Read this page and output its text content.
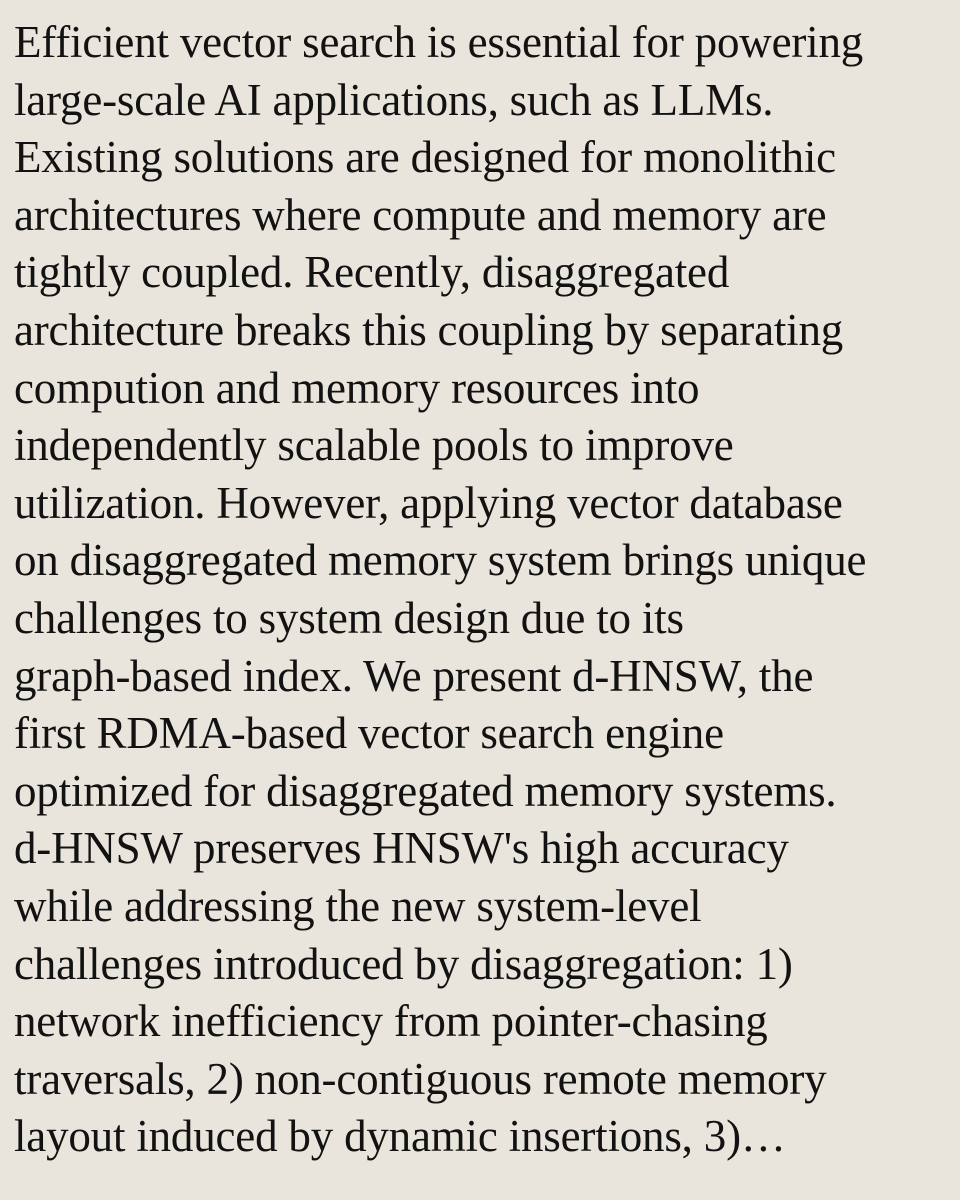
Efficient vector search is essential for powering
large-scale AI applications, such as LLMs.
Existing solutions are designed for monolithic
architectures where compute and memory are
tightly coupled. Recently, disaggregated
architecture breaks this coupling by separating
compution and memory resources into
independently scalable pools to improve
utilization. However, applying vector database
on disaggregated memory system brings unique
challenges to system design due to its
graph-based index. We present d-HNSW, the
first RDMA-based vector search engine
optimized for disaggregated memory systems.
d-HNSW preserves HNSW's high accuracy
while addressing the new system-level
challenges introduced by disaggregation: 1)
network inefficiency from pointer-chasing
traversals, 2) non-contiguous remote memory
layout induced by dynamic insertions, 3)…
